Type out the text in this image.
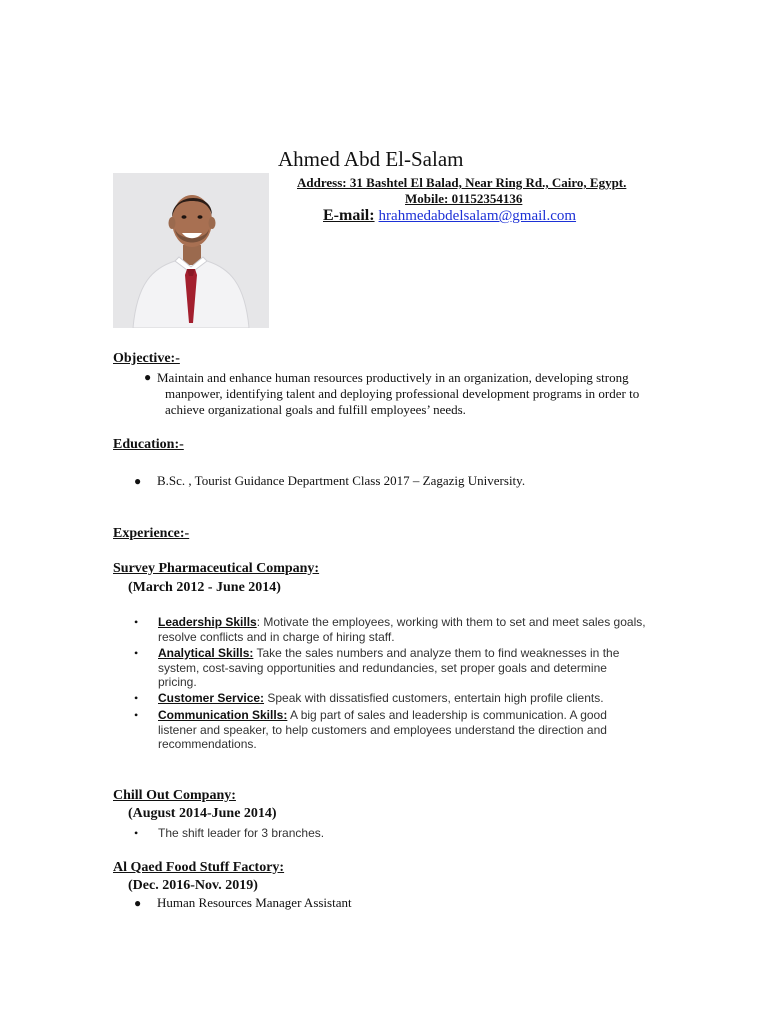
Ahmed Abd El-Salam
Address: 31 Bashtel El Balad, Near Ring Rd., Cairo, Egypt.
Mobile: 01152354136
E-mail: hrahmedabdelsalam@gmail.com
Objective:-
● Maintain and enhance human resources productively in an organization, developing strong manpower, identifying talent and deploying professional development programs in order to achieve organizational goals and fulfill employees’ needs.
Education:-
● B.Sc. , Tourist Guidance Department Class 2017 – Zagazig University.
Experience:-
Survey Pharmaceutical Company:
(March 2012 - June 2014)
• Leadership Skills: Motivate the employees, working with them to set and meet sales goals, resolve conflicts and in charge of hiring staff.
• Analytical Skills: Take the sales numbers and analyze them to find weaknesses in the system, cost-saving opportunities and redundancies, set proper goals and determine pricing.
• Customer Service: Speak with dissatisfied customers, entertain high profile clients.
• Communication Skills: A big part of sales and leadership is communication. A good listener and speaker, to help customers and employees understand the direction and recommendations.
Chill Out Company:
(August 2014-June 2014)
• The shift leader for 3 branches.
Al Qaed Food Stuff Factory:
(Dec. 2016-Nov. 2019)
● Human Resources Manager Assistant
